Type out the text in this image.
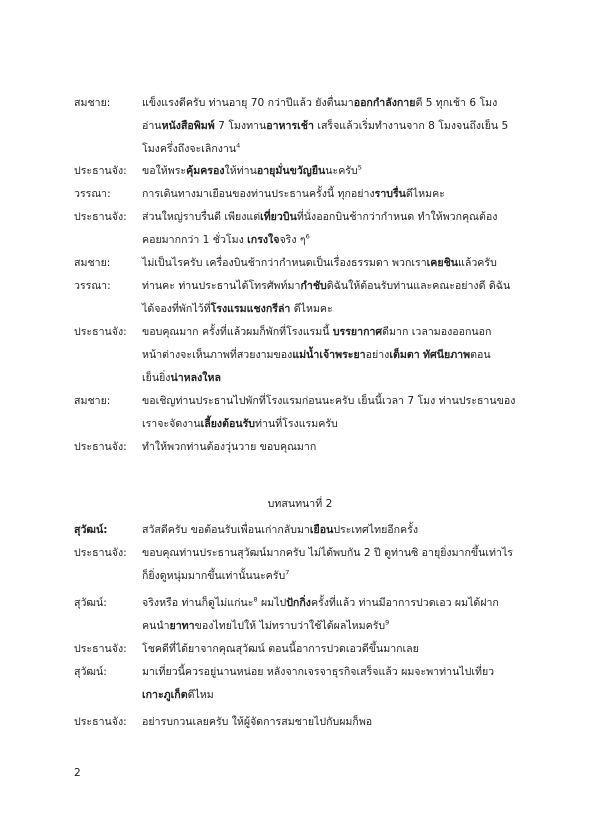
สมชาย:	แข็งแรงดีครับ ท่านอายุ 70 กว่าปีแล้ว ยังตื่นมาออกกำลังกายตี 5 ทุกเช้า 6 โมง
อ่านหนังสือพิมพ์ 7 โมงทานอาหารเช้า เสร็จแล้วเริ่มทำงานจาก 8 โมงจนถึงเย็น 5
โมงครึ่งถึงจะเลิกงาน$^4$
ประธานจัง: ขอให้พระคุ้มครองให้ท่านอายุมั่นขวัญยืนนะครับ$^5$
วรรณา:	การเดินทางมาเยือนของท่านประธานครั้งนี้ ทุกอย่างราบรื่นดีไหมคะ
ประธานจัง: ส่วนใหญ่ราบรื่นดี เพียงแต่เที่ยวบินที่นั่งออกบินช้ากว่ากำหนด ทำให้พวกคุณต้อง
คอยมากกว่า 1 ชั่วโมง เกรงใจจริง ๆ$^6$
สมชาย:	ไม่เป็นไรครับ เครื่องบินช้ากว่ากำหนดเป็นเรื่องธรรมดา พวกเราเคยชินแล้วครับ
วรรณา:	ท่านคะ ท่านประธานได้โทรศัพท์มากำชับดิฉันให้ต้อนรับท่านและคณะอย่างดี ดิฉัน
ได้จองที่พักไว้ที่โรงแรมแชงกรีล่า ดีไหมคะ
ประธานจัง: ขอบคุณมาก ครั้งที่แล้วผมก็พักที่โรงแรมนี้ บรรยากาศดีมาก เวลามองออกนอก
หน้าต่างจะเห็นภาพที่สวยงามของแม่น้ำเจ้าพระยาอย่างเต็มตา ทัศนียภาพตอน
เย็นยิ่งน่าหลงใหล
สมชาย:	ขอเชิญท่านประธานไปพักที่โรงแรมก่อนนะครับ เย็นนี้เวลา 7 โมง ท่านประธานของ
เราจะจัดงานเลี้ยงต้อนรับท่านที่โรงแรมครับ
ประธานจัง: ทำให้พวกท่านต้องวุ่นวาย ขอบคุณมาก
สุวัฒน์:	สวัสดีครับ ขอต้อนรับเพื่อนเก่ากลับมาเยือนประเทศไทยอีกครั้ง
ประธานจัง: ขอบคุณท่านประธานสุวัฒน์มากครับ ไม่ได้พบกัน 2 ปี ดูท่านซิ อายุยิ่งมากขึ้นเท่าไร
ก็ยิ่งดูหนุ่มมากขึ้นเท่านั้นนะครับ$^7$
สุวัฒน์:	จริงหรือ ท่านก็ดูไม่แก่นะ$^8$ ผมไปปักกิ่งครั้งที่แล้ว ท่านมีอาการปวดเอว ผมได้ฝาก
คนนำยาทาของไทยไปให้ ไม่ทราบว่าใช้ได้ผลไหมครับ$^9$
ประธานจัง: โชคดีที่ได้ยาจากคุณสุวัฒน์ ตอนนี้อาการปวดเอวดีขึ้นมากเลย
สุวัฒน์:	มาเที่ยวนี้ควรอยู่นานหน่อย หลังจากเจรจาธุรกิจเสร็จแล้ว ผมจะพาท่านไปเที่ยว
เกาะภูเก็ตดีไหม
ประธานจัง: อย่ารบกวนเลยครับ ให้ผู้จัดการสมชายไปกับผมก็พอ
บทสนทนาที่ 2
2
